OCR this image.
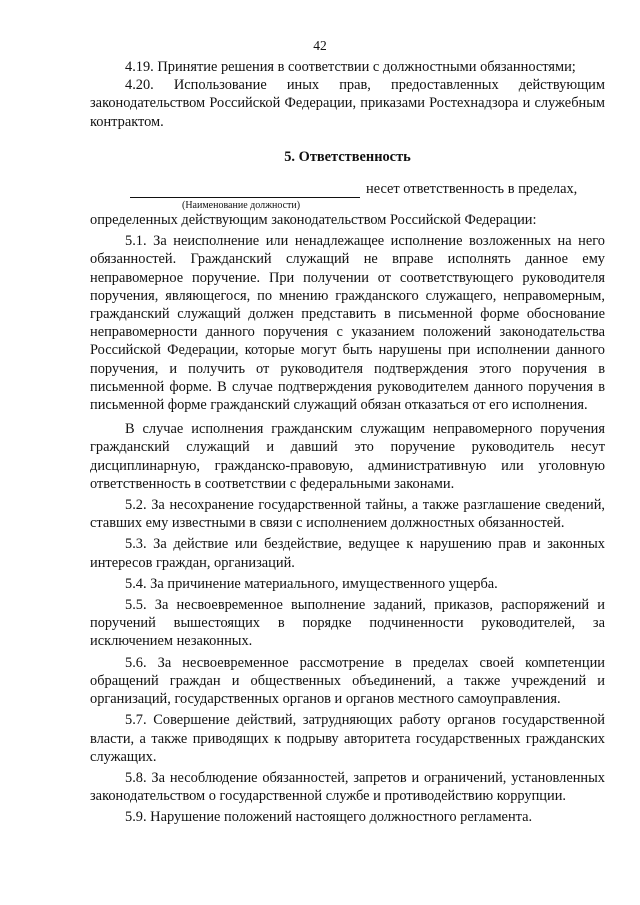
42

4.19. Принятие решения в соответствии с должностными обязанностями;

4.20. Использование иных прав, предоставленных действующим законодательством Российской Федерации, приказами Ростехнадзора и служебным контрактом.

5. Ответственность
несет ответственность в пределах,
(Наименование должности)

определенных действующим законодательством Российской Федерации:

5.1. За неисполнение или ненадлежащее исполнение возложенных на него обязанностей. Гражданский служащий не вправе исполнять данное ему неправомерное поручение. При получении от соответствующего руководителя поручения, являющегося, по мнению гражданского служащего, неправомерным, гражданский служащий должен представить в письменной форме обоснование неправомерности данного поручения с указанием положений законодательства Российской Федерации, которые могут быть нарушены при исполнении данного поручения, и получить от руководителя подтверждения этого поручения в письменной форме. В случае подтверждения руководителем данного поручения в письменной форме гражданский служащий обязан отказаться от его исполнения.

В случае исполнения гражданским служащим неправомерного поручения гражданский служащий и давший это поручение руководитель несут дисциплинарную, гражданско-правовую, административную или уголовную ответственность в соответствии с федеральными законами.

5.2. За несохранение государственной тайны, а также разглашение сведений, ставших ему известными в связи с исполнением должностных обязанностей.

5.3. За действие или бездействие, ведущее к нарушению прав и законных интересов граждан, организаций.

5.4. За причинение материального, имущественного ущерба.

5.5. За несвоевременное выполнение заданий, приказов, распоряжений и поручений вышестоящих в порядке подчиненности руководителей, за исключением незаконных.

5.6. За несвоевременное рассмотрение в пределах своей компетенции обращений граждан и общественных объединений, а также учреждений и организаций, государственных органов и органов местного самоуправления.

5.7. Совершение действий, затрудняющих работу органов государственной власти, а также приводящих к подрыву авторитета государственных гражданских служащих.

5.8. За несоблюдение обязанностей, запретов и ограничений, установленных законодательством о государственной службе и противодействию коррупции.

5.9. Нарушение положений настоящего должностного регламента.
